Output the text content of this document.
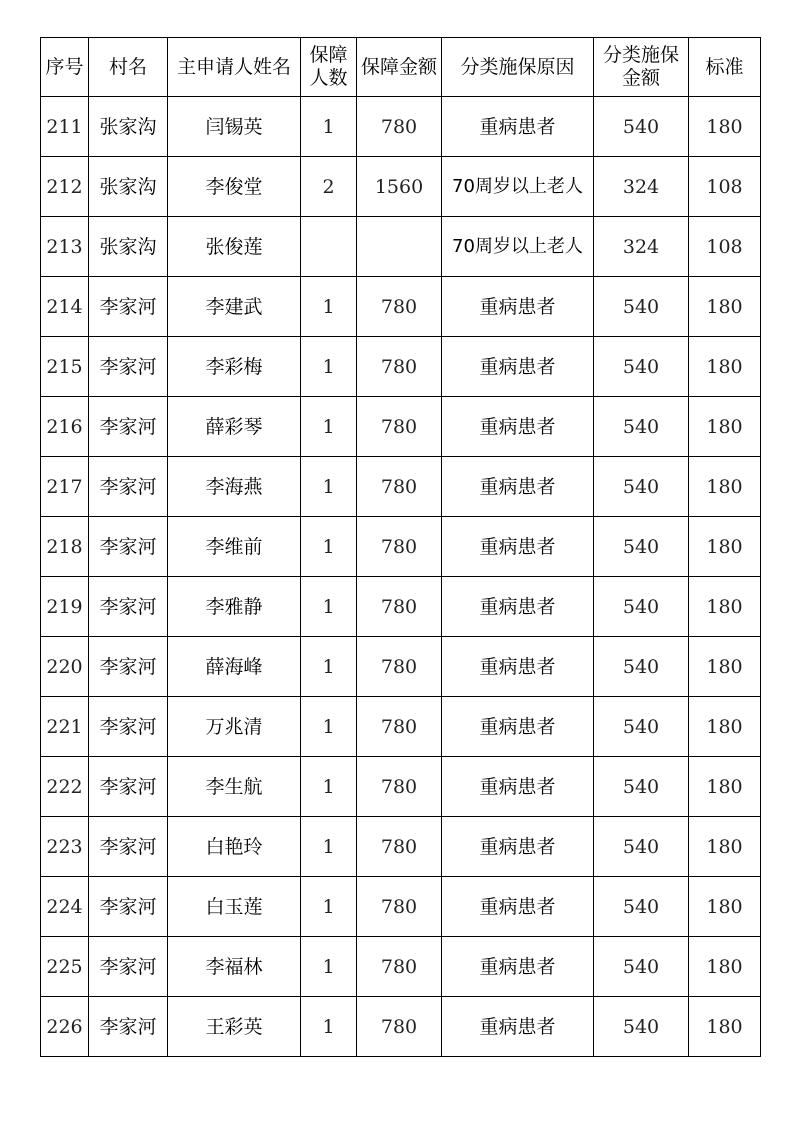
序号	村名	主申请人姓名	保障人数	保障金额	分类施保原因	分类施保金额	标准
211	张家沟	闫锡英	1	780	重病患者	540	180
212	张家沟	李俊堂	2	1560	70周岁以上老人	324	108
213	张家沟	张俊莲			70周岁以上老人	324	108
214	李家河	李建武	1	780	重病患者	540	180
215	李家河	李彩梅	1	780	重病患者	540	180
216	李家河	薛彩琴	1	780	重病患者	540	180
217	李家河	李海燕	1	780	重病患者	540	180
218	李家河	李维前	1	780	重病患者	540	180
219	李家河	李雅静	1	780	重病患者	540	180
220	李家河	薛海峰	1	780	重病患者	540	180
221	李家河	万兆清	1	780	重病患者	540	180
222	李家河	李生航	1	780	重病患者	540	180
223	李家河	白艳玲	1	780	重病患者	540	180
224	李家河	白玉莲	1	780	重病患者	540	180
225	李家河	李福林	1	780	重病患者	540	180
226	李家河	王彩英	1	780	重病患者	540	180
